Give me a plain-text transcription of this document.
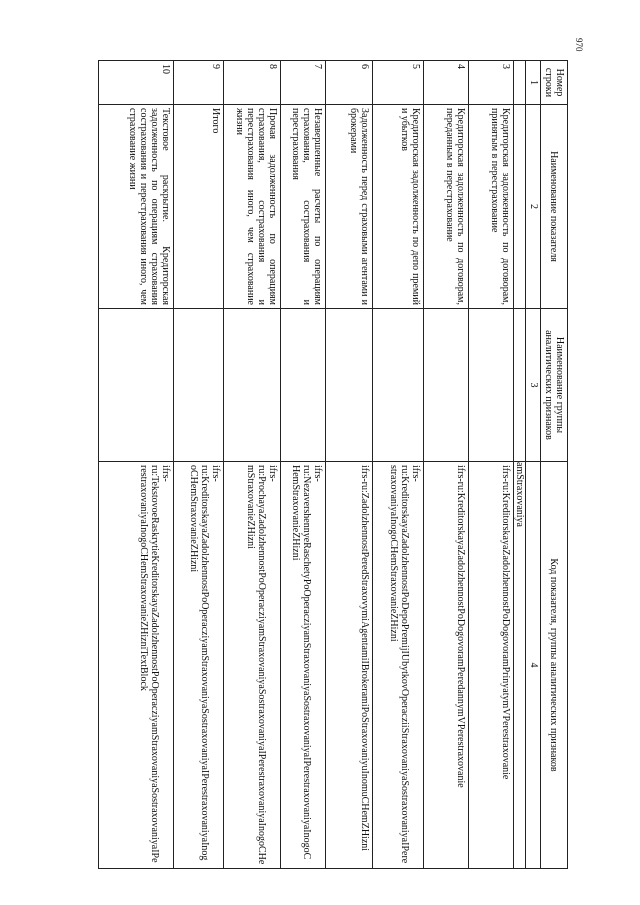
970
Номер строки	Наименование показателя	Наименование группы аналитических признаков	Код показателя, группы аналитических признаков
1	2	3	4
			amStraxovaniya
3	Кредиторская задолженность по договорам, принятым в перестрахование		ifrs-ru:KreditorskayaZadolzhennostPoDogovoramPrinyatymVPerestraxovanie
4	Кредиторская задолженность по договорам, переданным в перестрахование		ifrs-ru:KreditorskayaZadolzhennostPoDogovoramPeredannymVPerestraxovanie
5	Кредиторская задолженность по депо премий и убытков		ifrs-ru:KreditorskayaZadolzhennostPoDepoPremijIUbytkovOperacziiStraxovaniyaSostraxovaniyaIPerestraxovaniyaInogoCHemStraxovanieZHizni
6	Задолженность перед страховыми агентами и брокерами		ifrs-ru:ZadolzhennostPeredStraxovymiAgentamiIBrokeramiPoStraxovaniyuInomuCHemZHizni
7	Незавершенные расчеты по операциям страхования, сострахования и перестрахования		ifrs-ru:NezavershennyeRaschetyPoOperacziyamStraxovaniyaSostraxovaniyaIPerestraxovaniyaInogoCHemStraxovanieZHizni
8	Прочая задолженность по операциям страхования, сострахования и перестрахования иного, чем страхование жизни		ifrs-ru:ProchayaZadolzhennostPoOperacziyamStraxovaniyaSostraxovaniyaIPerestraxovaniyaInogoCHemStraxovanieZHizni
9	Итого		ifrs-ru:KreditorskayaZadolzhennostPoOperacziyamStraxovaniyaSostraxovaniyaIPerestraxovaniyaInogoCHemStraxovanieZHizni
10	Текстовое раскрытие. Кредиторская задолженность по операциям страхования сострахования и перестрахования иного, чем страхование жизни		ifrs-ru:TekstovoeRaskrytieKreditorskayaZadolzhennostPoOperacziyamStraxovaniyaSostraxovaniyaIPerestraxovaniyaInogoCHemStraxovanieZHizniTextBlock
